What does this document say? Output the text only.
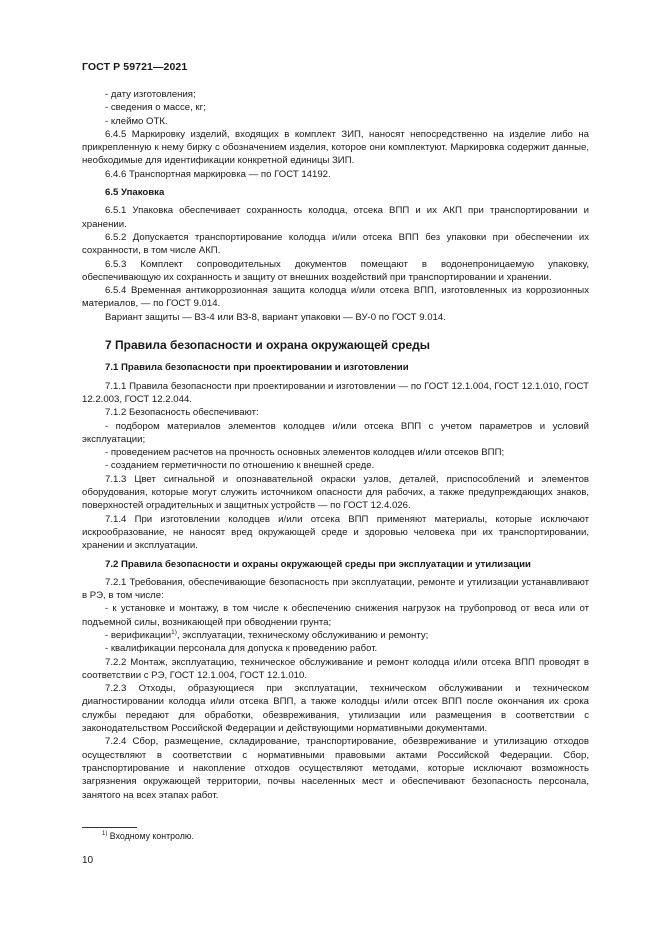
ГОСТ Р 59721—2021

- дату изготовления;

- сведения о массе, кг;

- клеймо ОТК.

6.4.5 Маркировку изделий, входящих в комплект ЗИП, наносят непосредственно на изделие либо на прикрепленную к нему бирку с обозначением изделия, которое они комплектуют. Маркировка содержит данные, необходимые для идентификации конкретной единицы ЗИП.

6.4.6 Транспортная маркировка — по ГОСТ 14192.

6.5 Упаковка

6.5.1 Упаковка обеспечивает сохранность колодца, отсека ВПП и их АКП при транспортировании и хранении.

6.5.2 Допускается транспортирование колодца и/или отсека ВПП без упаковки при обеспечении их сохранности, в том числе АКП.

6.5.3 Комплект сопроводительных документов помещают в водонепроницаемую упаковку, обеспечивающую их сохранность и защиту от внешних воздействий при транспортировании и хранении.

6.5.4 Временная антикоррозионная защита колодца и/или отсека ВПП, изготовленных из коррозионных материалов, — по ГОСТ 9.014.

Вариант защиты — ВЗ-4 или ВЗ-8, вариант упаковки — ВУ-0 по ГОСТ 9.014.

7 Правила безопасности и охрана окружающей среды

7.1 Правила безопасности при проектировании и изготовлении

7.1.1 Правила безопасности при проектировании и изготовлении — по ГОСТ 12.1.004, ГОСТ 12.1.010, ГОСТ 12.2.003, ГОСТ 12.2.044.

7.1.2 Безопасность обеспечивают:

- подбором материалов элементов колодцев и/или отсека ВПП с учетом параметров и условий эксплуатации;

- проведением расчетов на прочность основных элементов колодцев и/или отсеков ВПП;

- созданием герметичности по отношению к внешней среде.

7.1.3 Цвет сигнальной и опознавательной окраски узлов, деталей, приспособлений и элементов оборудования, которые могут служить источником опасности для рабочих, а также предупреждающих знаков, поверхностей оградительных и защитных устройств — по ГОСТ 12.4.026.

7.1.4 При изготовлении колодцев и/или отсека ВПП применяют материалы, которые исключают искрообразование, не наносят вред окружающей среде и здоровью человека при их транспортировании, хранении и эксплуатации.

7.2 Правила безопасности и охраны окружающей среды при эксплуатации и утилизации

7.2.1 Требования, обеспечивающие безопасность при эксплуатации, ремонте и утилизации устанавливают в РЭ, в том числе:

- к установке и монтажу, в том числе к обеспечению снижения нагрузок на трубопровод от веса или от подъемной силы, возникающей при обводнении грунта;

- верификации$^{1)}$, эксплуатации, техническому обслуживанию и ремонту;

- квалификации персонала для допуска к проведению работ.

7.2.2 Монтаж, эксплуатацию, техническое обслуживание и ремонт колодца и/или отсека ВПП проводят в соответствии с РЭ, ГОСТ 12.1.004, ГОСТ 12.1.010.

7.2.3 Отходы, образующиеся при эксплуатации, техническом обслуживании и техническом диагностировании колодца и/или отсека ВПП, а также колодцы и/или отсек ВПП после окончания их срока службы передают для обработки, обезвреживания, утилизации или размещения в соответствии с законодательством Российской Федерации и действующими нормативными документами.

7.2.4 Сбор, размещение, складирование, транспортирование, обезвреживание и утилизацию отходов осуществляют в соответствии с нормативными правовыми актами Российской Федерации. Сбор, транспортирование и накопление отходов осуществляют методами, которые исключают возможность загрязнения окружающей территории, почвы населенных мест и обеспечивают безопасность персонала, занятого на всех этапах работ.

$^{1)}$ Входному контролю.
10
